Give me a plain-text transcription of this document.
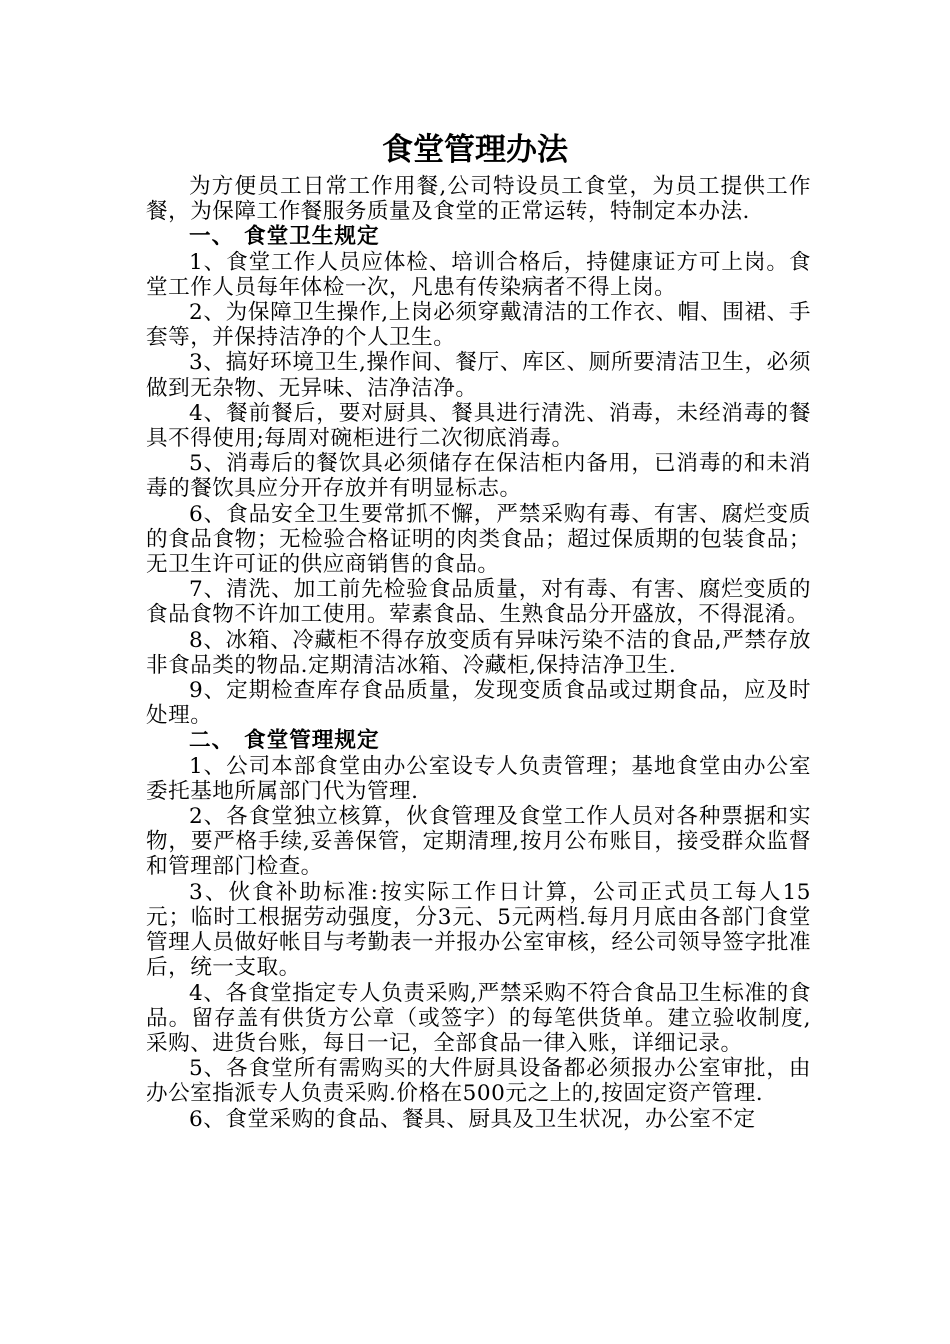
食堂管理办法

为方便员工日常工作用餐,公司特设员工食堂，为员工提供工作餐，为保障工作餐服务质量及食堂的正常运转，特制定本办法.

一、 食堂卫生规定

1、食堂工作人员应体检、培训合格后，持健康证方可上岗。食堂工作人员每年体检一次，凡患有传染病者不得上岗。

2、为保障卫生操作,上岗必须穿戴清洁的工作衣、帽、围裙、手套等，并保持洁净的个人卫生。

3、搞好环境卫生,操作间、餐厅、库区、厕所要清洁卫生，必须做到无杂物、无异味、洁净洁净。

4、餐前餐后，要对厨具、餐具进行清洗、消毒，未经消毒的餐具不得使用;每周对碗柜进行二次彻底消毒。

5、消毒后的餐饮具必须储存在保洁柜内备用，已消毒的和未消毒的餐饮具应分开存放并有明显标志。

6、食品安全卫生要常抓不懈，严禁采购有毒、有害、腐烂变质的食品食物；无检验合格证明的肉类食品；超过保质期的包装食品；无卫生许可证的供应商销售的食品。

7、清洗、加工前先检验食品质量，对有毒、有害、腐烂变质的食品食物不许加工使用。荤素食品、生熟食品分开盛放，不得混淆。

8、冰箱、冷藏柜不得存放变质有异味污染不洁的食品,严禁存放非食品类的物品.定期清洁冰箱、冷藏柜,保持洁净卫生.

9、定期检查库存食品质量，发现变质食品或过期食品，应及时处理。

二、 食堂管理规定

1、公司本部食堂由办公室设专人负责管理；基地食堂由办公室委托基地所属部门代为管理.

2、各食堂独立核算，伙食管理及食堂工作人员对各种票据和实物，要严格手续,妥善保管，定期清理,按月公布账目，接受群众监督和管理部门检查。

3、伙食补助标准:按实际工作日计算，公司正式员工每人15元；临时工根据劳动强度，分3元、5元两档.每月月底由各部门食堂管理人员做好帐目与考勤表一并报办公室审核，经公司领导签字批准后，统一支取。

4、各食堂指定专人负责采购,严禁采购不符合食品卫生标准的食品。留存盖有供货方公章（或签字）的每笔供货单。建立验收制度,采购、进货台账，每日一记，全部食品一律入账，详细记录。

5、各食堂所有需购买的大件厨具设备都必须报办公室审批，由办公室指派专人负责采购.价格在500元之上的,按固定资产管理.

6、食堂采购的食品、餐具、厨具及卫生状况，办公室不定
